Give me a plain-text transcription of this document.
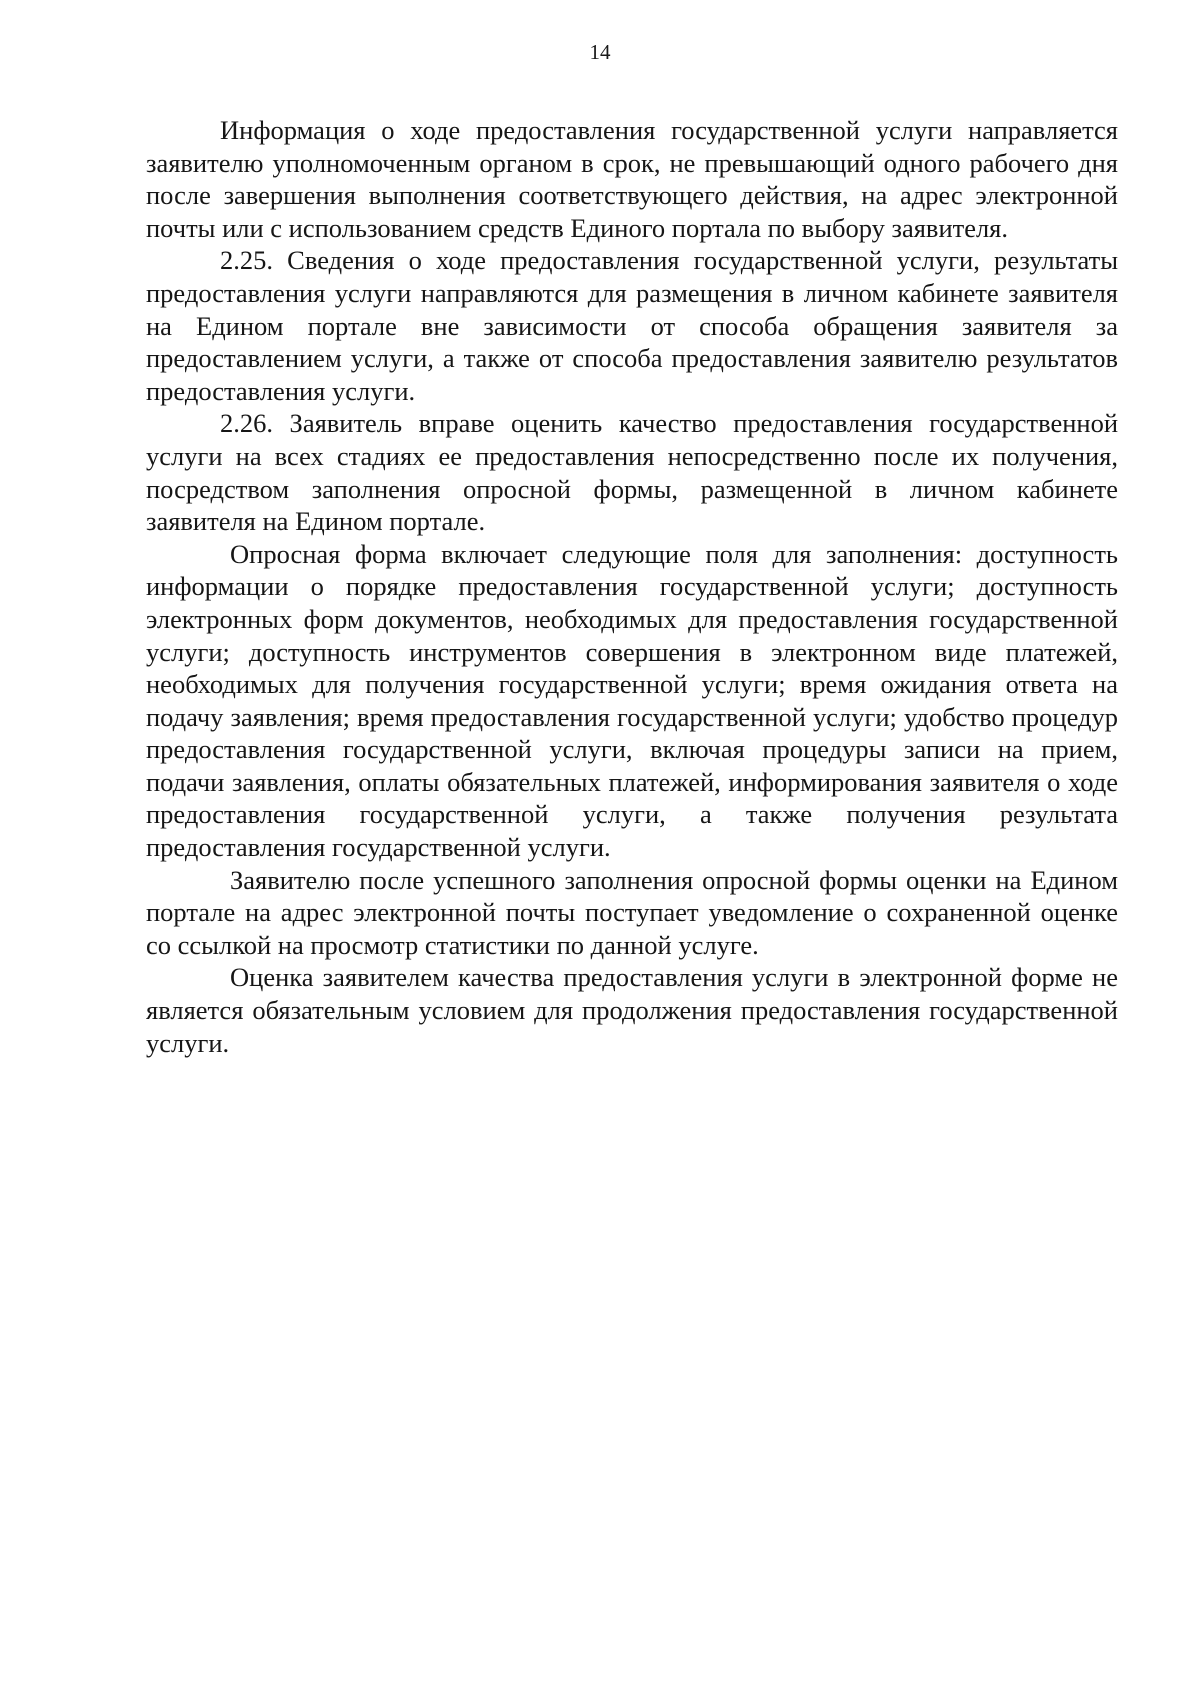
14

Информация о ходе предоставления государственной услуги направляется заявителю уполномоченным органом в срок, не превышающий одного рабочего дня после завершения выполнения соответствующего действия, на адрес электронной почты или с использованием средств Единого портала по выбору заявителя.

2.25. Сведения о ходе предоставления государственной услуги, результаты предоставления услуги направляются для размещения в личном кабинете заявителя на Едином портале вне зависимости от способа обращения заявителя за предоставлением услуги, а также от способа предоставления заявителю результатов предоставления услуги.

2.26. Заявитель вправе оценить качество предоставления государственной услуги на всех стадиях ее предоставления непосредственно после их получения, посредством заполнения опросной формы, размещенной в личном кабинете заявителя на Едином портале.

Опросная форма включает следующие поля для заполнения: доступность информации о порядке предоставления государственной услуги; доступность электронных форм документов, необходимых для предоставления государственной услуги; доступность инструментов совершения в электронном виде платежей, необходимых для получения государственной услуги; время ожидания ответа на подачу заявления; время предоставления государственной услуги; удобство процедур предоставления государственной услуги, включая процедуры записи на прием, подачи заявления, оплаты обязательных платежей, информирования заявителя о ходе предоставления государственной услуги, а также получения результата предоставления государственной услуги.

Заявителю после успешного заполнения опросной формы оценки на Едином портале на адрес электронной почты поступает уведомление о сохраненной оценке со ссылкой на просмотр статистики по данной услуге.

Оценка заявителем качества предоставления услуги в электронной форме не является обязательным условием для продолжения предоставления государственной услуги.
